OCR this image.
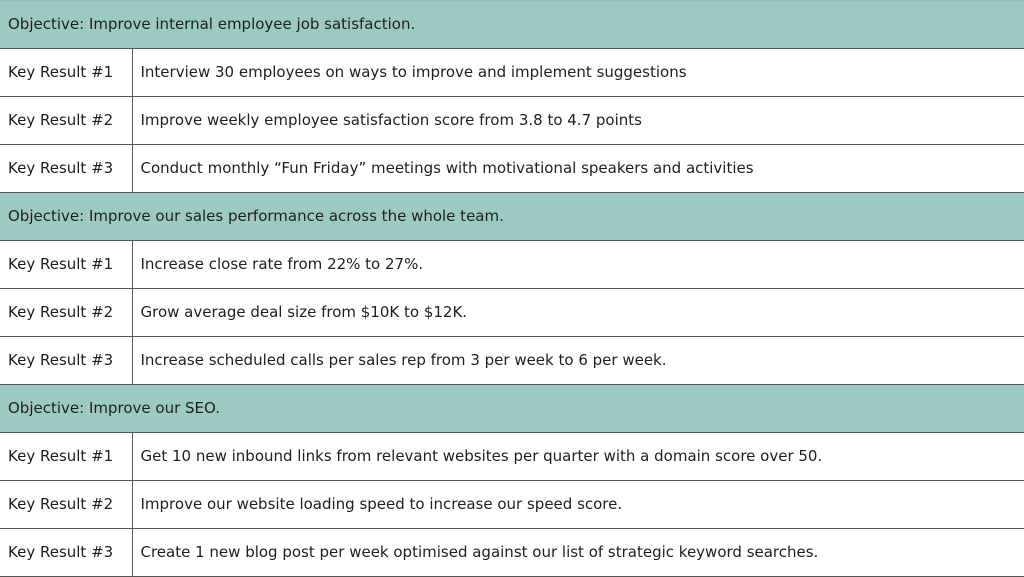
Objective: Improve internal employee job satisfaction.	
Key Result #1	Interview 30 employees on ways to improve and implement suggestions
Key Result #2	Improve weekly employee satisfaction score from 3.8 to 4.7 points
Key Result #3	Conduct monthly “Fun Friday” meetings with motivational speakers and activities
Objective: Improve our sales performance across the whole team.	
Key Result #1	Increase close rate from 22% to 27%.
Key Result #2	Grow average deal size from $10K to $12K.
Key Result #3	Increase scheduled calls per sales rep from 3 per week to 6 per week.
Objective: Improve our SEO.	
Key Result #1	Get 10 new inbound links from relevant websites per quarter with a domain score over 50.
Key Result #2	Improve our website loading speed to increase our speed score.
Key Result #3	Create 1 new blog post per week optimised against our list of strategic keyword searches.
